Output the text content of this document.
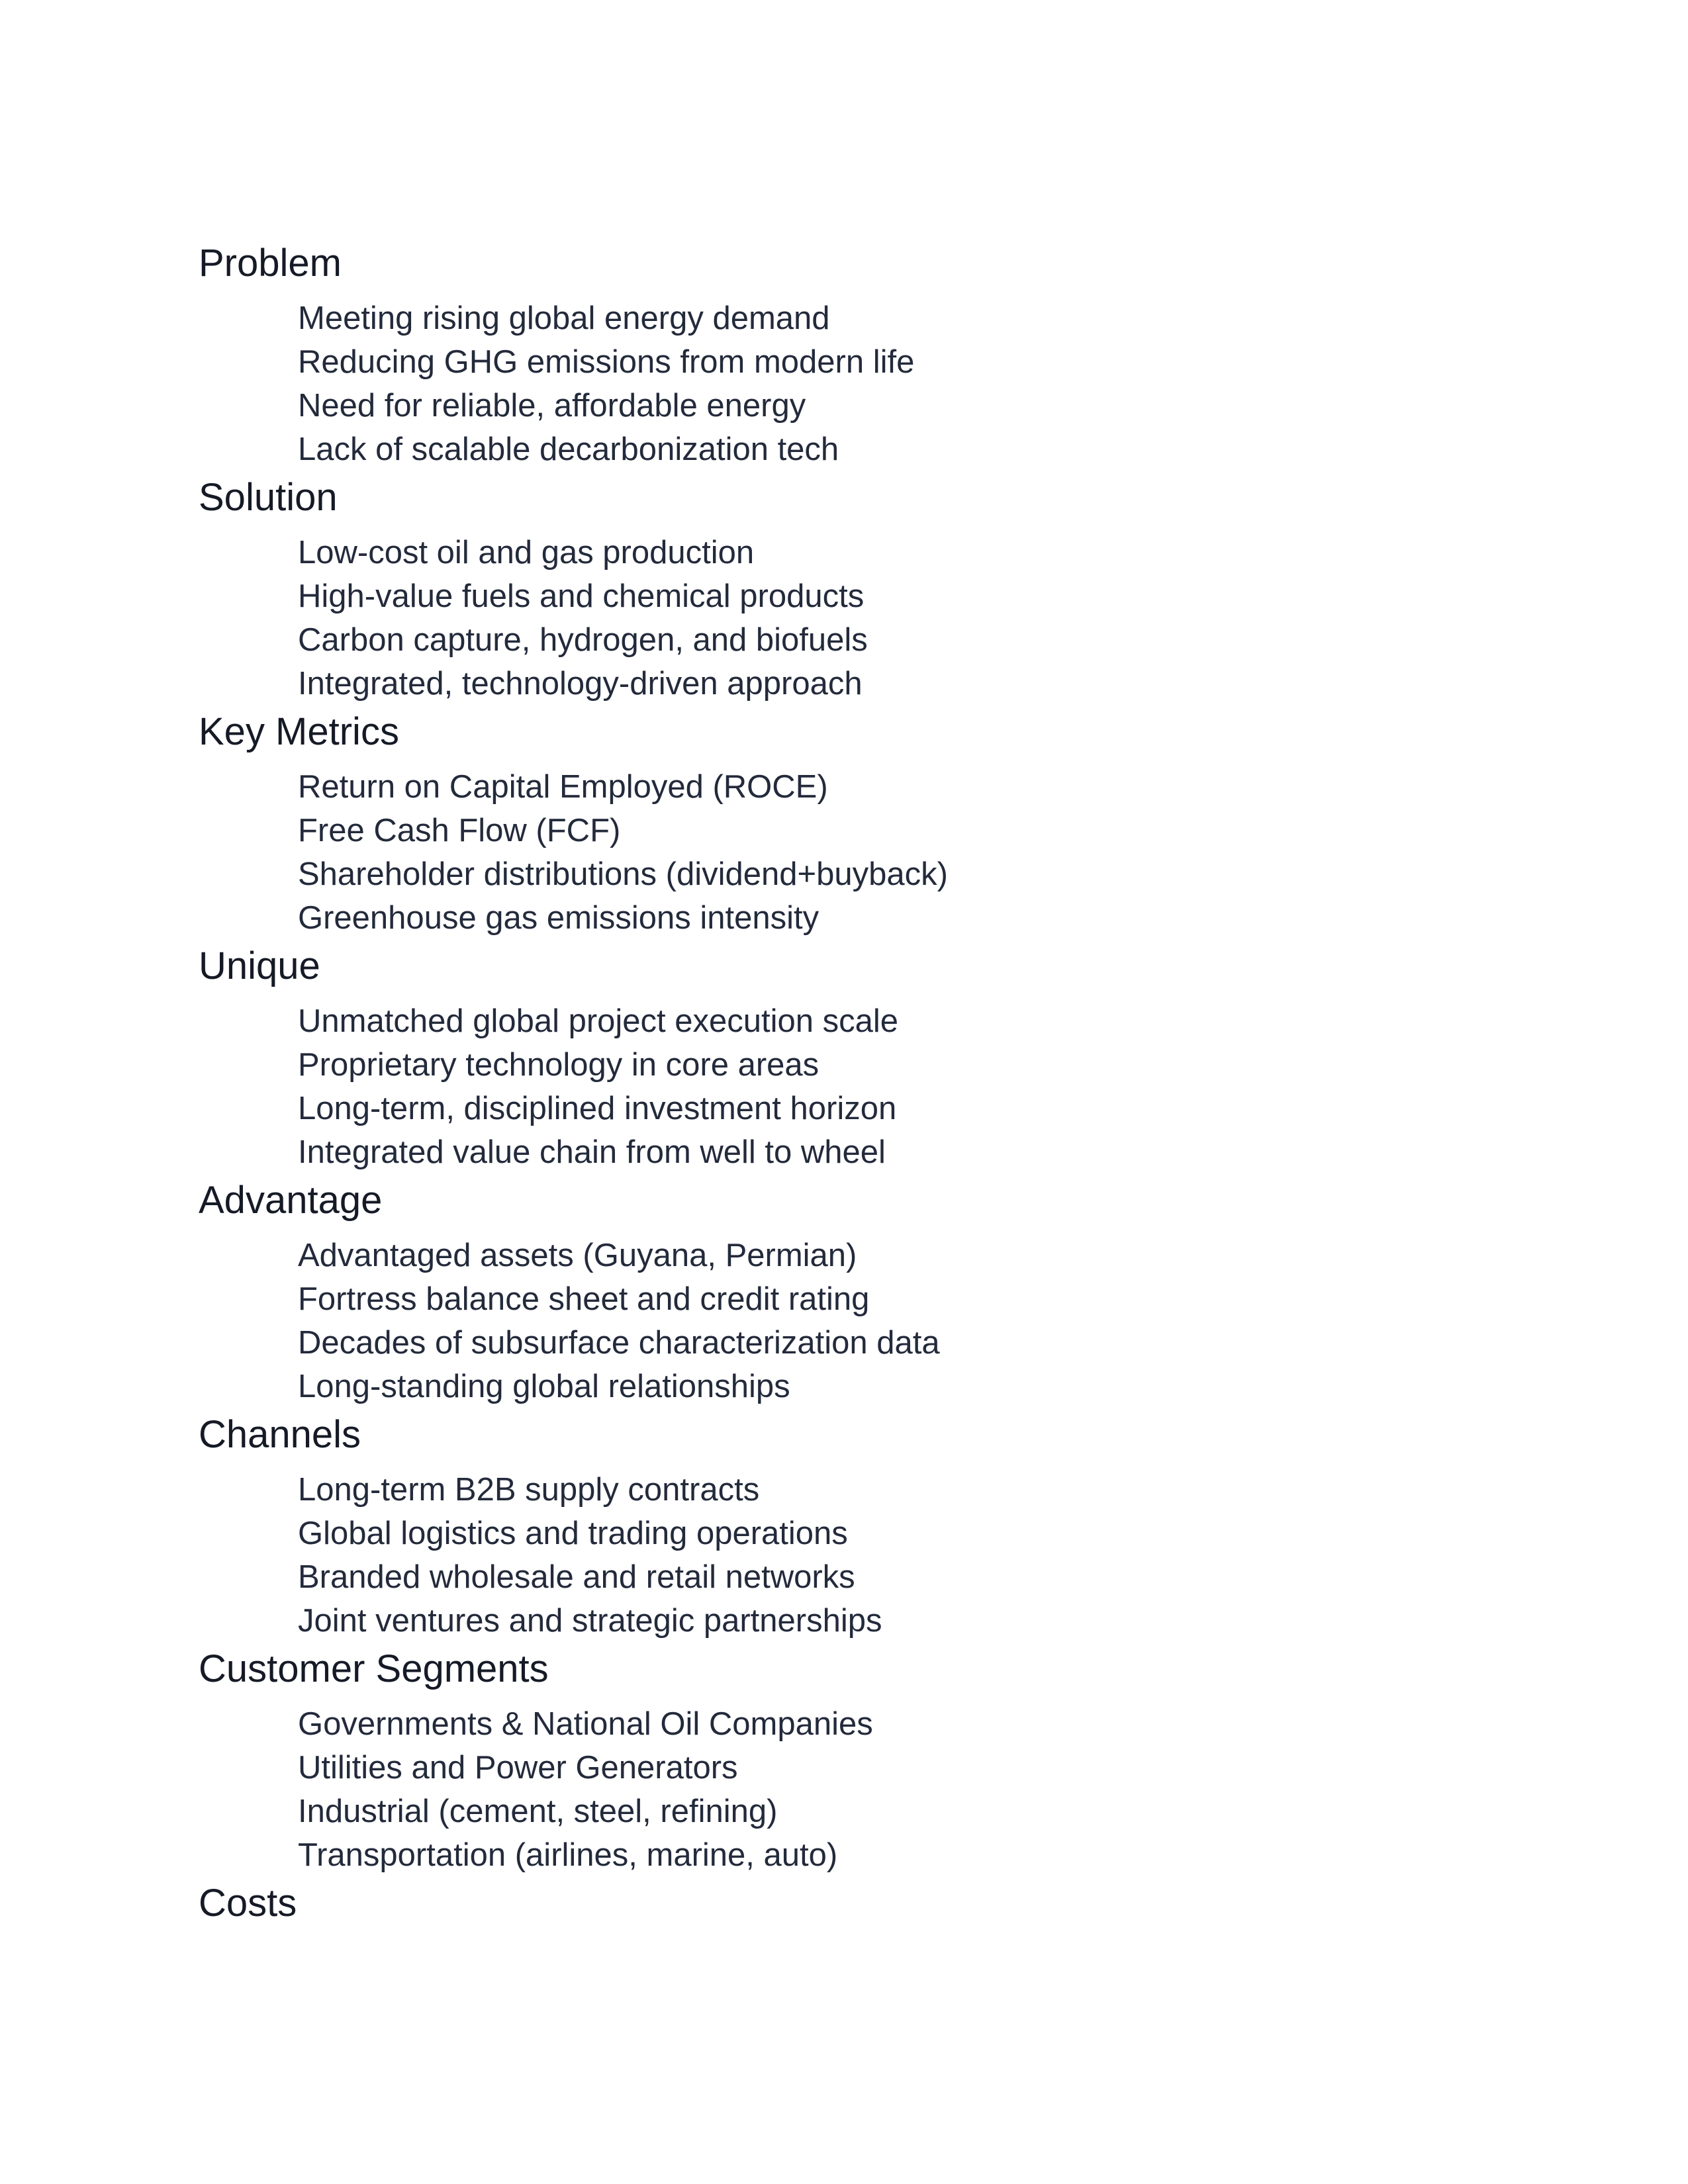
Problem
Meeting rising global energy demand
Reducing GHG emissions from modern life
Need for reliable, affordable energy
Lack of scalable decarbonization tech
Solution
Low-cost oil and gas production
High-value fuels and chemical products
Carbon capture, hydrogen, and biofuels
Integrated, technology-driven approach
Key Metrics
Return on Capital Employed (ROCE)
Free Cash Flow (FCF)
Shareholder distributions (dividend+buyback)
Greenhouse gas emissions intensity
Unique
Unmatched global project execution scale
Proprietary technology in core areas
Long-term, disciplined investment horizon
Integrated value chain from well to wheel
Advantage
Advantaged assets (Guyana, Permian)
Fortress balance sheet and credit rating
Decades of subsurface characterization data
Long-standing global relationships
Channels
Long-term B2B supply contracts
Global logistics and trading operations
Branded wholesale and retail networks
Joint ventures and strategic partnerships
Customer Segments
Governments & National Oil Companies
Utilities and Power Generators
Industrial (cement, steel, refining)
Transportation (airlines, marine, auto)
Costs
